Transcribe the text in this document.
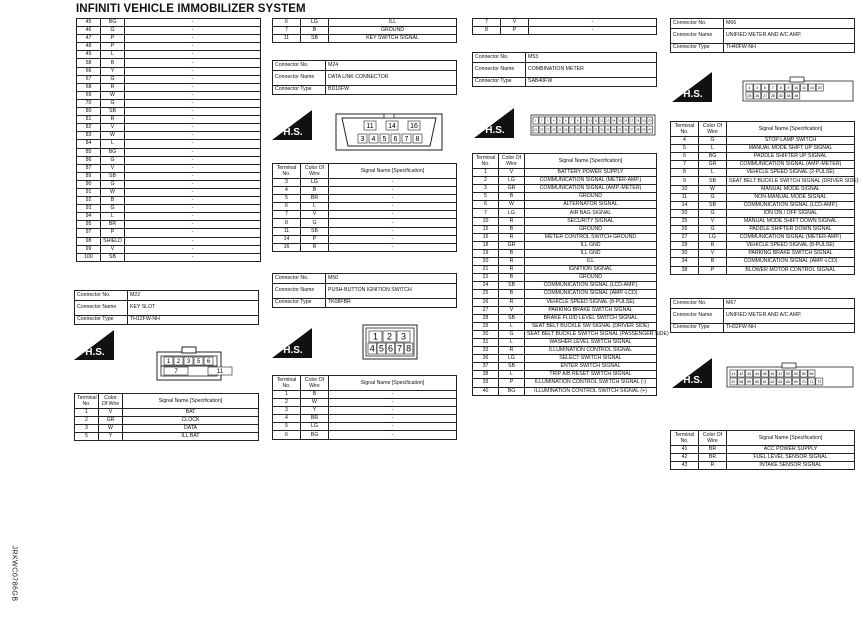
INFINITI VEHICLE IMMOBILIZER SYSTEM
JRKWC0786GB
45	BG	-
46	G	-
47	P	-
48	P	-
49	L	-
58	B	-
66	Y	-
67	G	-
68	R	-
69	W	-
70	G	-
80	SB	-
81	R	-
82	V	-
83	W	-
84	L	-
85	BG	-
86	G	-
87	V	-
89	SB	-
90	G	-
91	W	-
92	B	-
93	G	-
94	L	-
95	BR	-
97	P	-
98	SHIELD	-
99	V	-
100	SB	-
Connector No.	M22
Connector Name	KEY SLOT
Connector Type	TH12FW-NH
H.S.
1 2 3 5 6
7	11
Terminal No.	Color Of Wire	Signal Name [Specification]
1	V	BAT
2	GR	CLOCK
3	W	DATA
5	Y	ILL BAT
6	LG	ILL
7	B	GROUND
11	SB	KEY SWITCH SIGNAL
Connector No.	M24
Connector Name	DATA LINK CONNECTOR
Connector Type	BD16FW
H.S.
11 14 16
3 4 5 6 7 8
Terminal No.	Color Of Wire	Signal Name [Specification]
3	LG	-
4	B	-
5	BR	-
6	L	-
7	V	-
8	G	-
11	SB	-
14	P	-
16	R	-
Connector No.	M50
Connector Name	PUSH-BUTTON IGNITION SWITCH
Connector Type	TK08FBR
H.S.
1 2 3
4 5 6 7 8
Terminal No.	Color Of Wire	Signal Name [Specification]
1	B	-
2	W	-
3	Y	-
4	BR	-
5	LG	-
6	BG	-
7	V	-
8	P	-
Connector No.	M53
Connector Name	COMBINATION METER
Connector Type	SAB40FW
H.S.
1 2 3 4 5 6 7 8 9 10 11 12 13 14 15 16 17 18 19 20
21 22 23 24 25 26 27 28 29 30 31 32 33 34 35 36 37 38 39 40
Terminal No.	Color Of Wire	Signal Name [Specification]
1	V	BATTERY POWER SUPPLY
2	LG	COMMUNICATION SIGNAL (METER-AMP.)
3	GR	COMMUNICATION SIGNAL (AMP.-METER)
5	B	GROUND
6	W	ALTERNATOR SIGNAL
7	LG	AIR BAG SIGNAL
10	R	SECURITY SIGNAL
15	B	GROUND
16	R	METER CONTROL SWITCH GROUND
18	GR	ILL GND
19	B	ILL GND
20	R	ILL
21	R	IGNITION SIGNAL
22	B	GROUND
24	SB	COMMUNICATION SIGNAL (LCD-AMP.)
25	B	COMMUNICATION SIGNAL (AMP.-LCD)
26	R	VEHICLE SPEED SIGNAL (8-PULSE)
27	V	PARKING BRAKE SWITCH SIGNAL
28	SB	BRAKE FLUID LEVEL SWITCH SIGNAL
29	L	SEAT BELT BUCKLE SW SIGNAL (DRIVER SIDE)
30	G	SEAT BELT BUCKLE SWITCH SIGNAL (PASSENGER SIDE)
31	L	WASHER LEVEL SWITCH SIGNAL
33	R	ILLUMINATION CONTROL SIGNAL
36	LG	SELECT SWITCH SIGNAL
37	SB	ENTER SWITCH SIGNAL
38	L	TRIP A/B RESET SWITCH SIGNAL
39	P	ILLUMINATION CONTROL SWITCH SIGNAL (-)
40	BG	ILLUMINATION CONTROL SWITCH SIGNAL (+)
Connector No.	M66
Connector Name	UNIFIED METER AND A/C AMP.
Connector Type	TH40FW-NH
H.S.
4 5 6 7 8 9 10 11 14 20
25 26 27 28 30 34 38
Terminal No.	Color Of Wire	Signal Name [Specification]
4	G	STOP LAMP SWITCH
5	L	MANUAL MODE SHIFT UP SIGNAL
6	BG	PADDLE SHIFTER UP SIGNAL
7	GR	COMMUNICATION SIGNAL (AMP.-METER)
8	L	VEHICLE SPEED SIGNAL (2-PULSE)
9	SB	SEAT BELT BUCKLE SWITCH SIGNAL (DRIVER SIDE)
10	W	MANUAL MODE SIGNAL
11	G	NON-MANUAL MODE SIGNAL
14	SB	COMMUNICATION SIGNAL (LCD-AMP.)
20	G	ION ON / OFF SIGNAL
25	V	MANUAL MODE SHIFT DOWN SIGNAL
26	G	PADDLE SHIFTER DOWN SIGNAL
27	LG	COMMUNICATION SIGNAL (METER-AMP.)
28	R	VEHICLE SPEED SIGNAL (8-PULSE)
30	V	PARKING BRAKE SWITCH SIGNAL
34	B	COMMUNICATION SIGNAL (AMP.-LCD)
38	P	BLOWER MOTOR CONTROL SIGNAL
Connector No.	M67
Connector Name	UNIFIED METER AND A/C AMP.
Connector Type	TH32FW-NH
H.S.
41 42 43 44 45 46 47 53 54 55 56
57 58 59 60 61 62 63 65 69 70 71 72
Terminal No.	Color Of Wire	Signal Name [Specification]
41	BR	ACC POWER SUPPLY
42	BR	FUEL LEVEL SENSOR SIGNAL
43	R	INTAKE SENSOR SIGNAL
